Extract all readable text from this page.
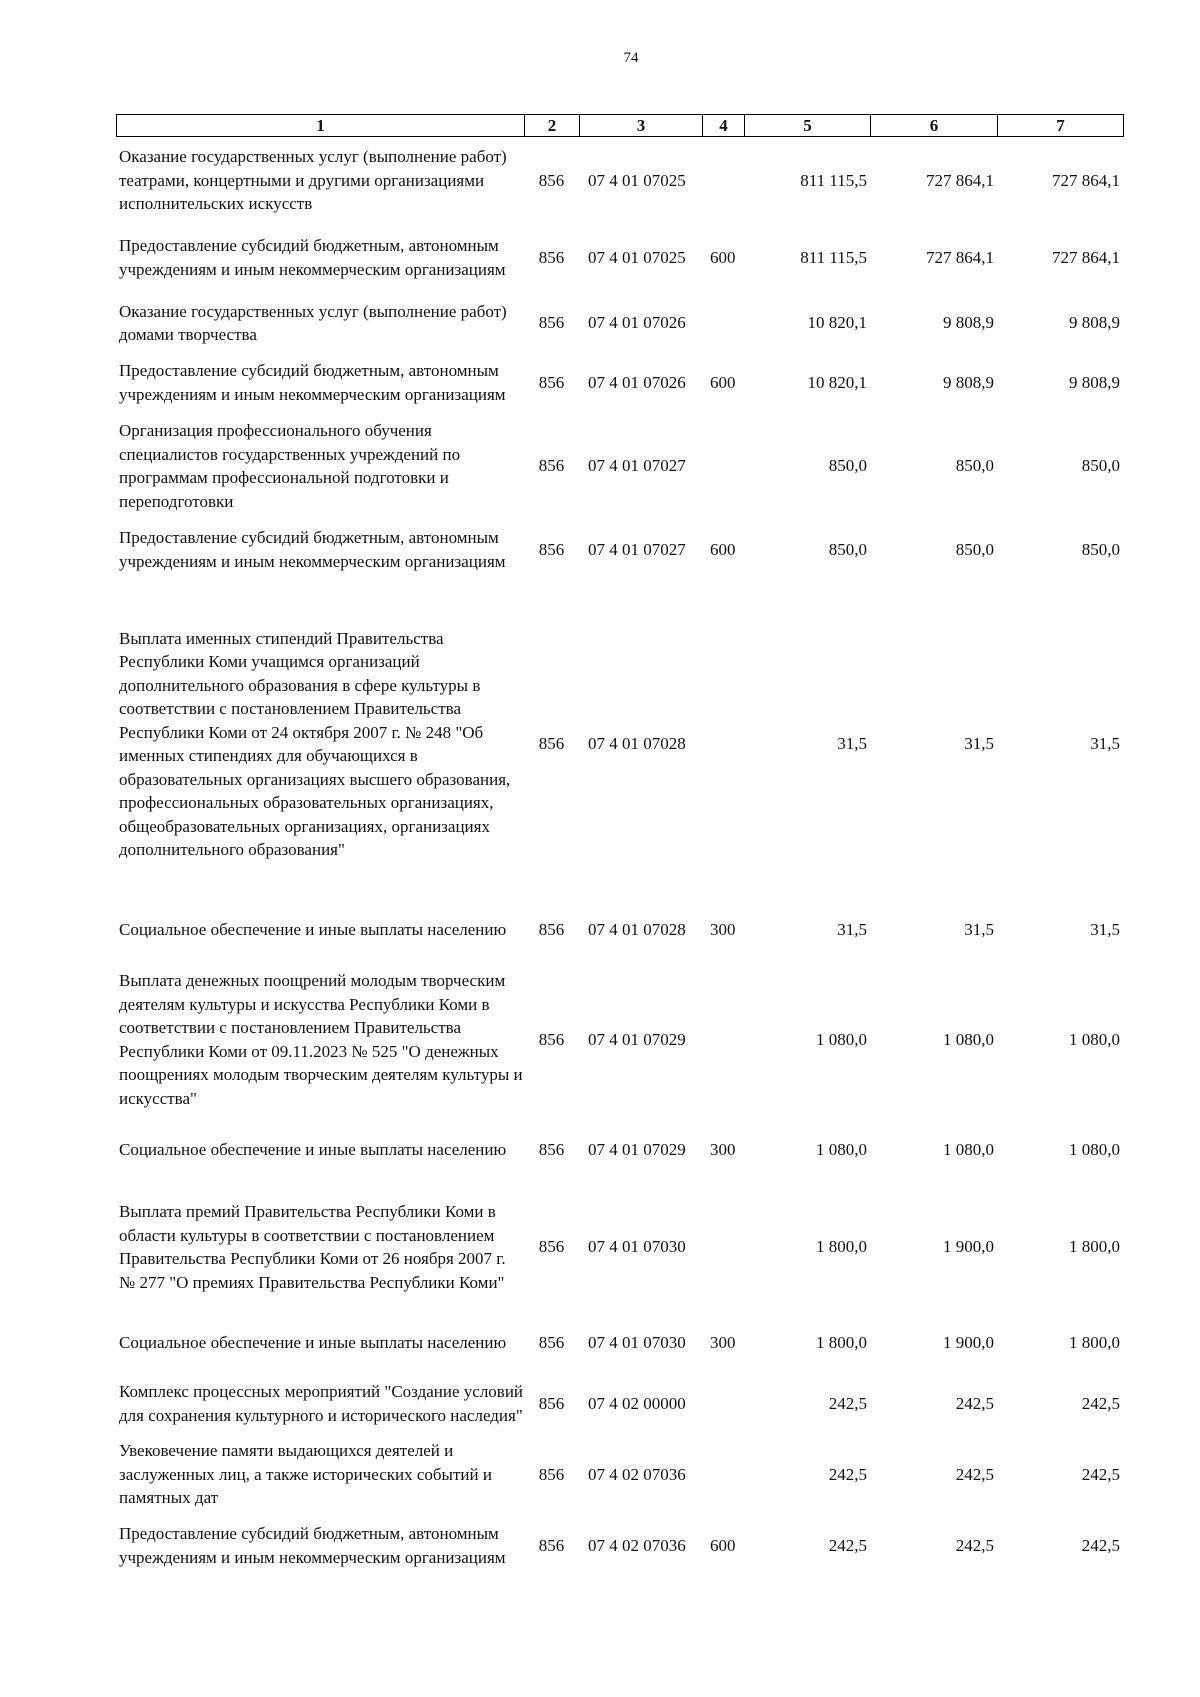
74
1	2	3	4	5	6	7
Оказание государственных услуг (выполнение работ) театрами, концертными и другими организациями исполнительских искусств	856	07 4 01 07025		811 115,5	727 864,1	727 864,1
Предоставление субсидий бюджетным, автономным учреждениям и иным некоммерческим организациям	856	07 4 01 07025	600	811 115,5	727 864,1	727 864,1
Оказание государственных услуг (выполнение работ) домами творчества	856	07 4 01 07026		10 820,1	9 808,9	9 808,9
Предоставление субсидий бюджетным, автономным учреждениям и иным некоммерческим организациям	856	07 4 01 07026	600	10 820,1	9 808,9	9 808,9
Организация профессионального обучения специалистов государственных учреждений по программам профессиональной подготовки и переподготовки	856	07 4 01 07027		850,0	850,0	850,0
Предоставление субсидий бюджетным, автономным учреждениям и иным некоммерческим организациям	856	07 4 01 07027	600	850,0	850,0	850,0
Выплата именных стипендий Правительства Республики Коми учащимся организаций дополнительного образования в сфере культуры в соответствии с постановлением Правительства Республики Коми от 24 октября 2007 г. № 248 "Об именных стипендиях для обучающихся в образовательных организациях высшего образования, профессиональных образовательных организациях, общеобразовательных организациях, организациях дополнительного образования"	856	07 4 01 07028		31,5	31,5	31,5
Социальное обеспечение и иные выплаты населению	856	07 4 01 07028	300	31,5	31,5	31,5
Выплата денежных поощрений молодым творческим деятелям культуры и искусства Республики Коми в соответствии с постановлением Правительства Республики Коми от 09.11.2023 № 525 "О денежных поощрениях молодым творческим деятелям культуры и искусства"	856	07 4 01 07029		1 080,0	1 080,0	1 080,0
Социальное обеспечение и иные выплаты населению	856	07 4 01 07029	300	1 080,0	1 080,0	1 080,0
Выплата премий Правительства Республики Коми в области культуры в соответствии с постановлением Правительства Республики Коми от 26 ноября 2007 г. № 277 "О премиях Правительства Республики Коми"	856	07 4 01 07030		1 800,0	1 900,0	1 800,0
Социальное обеспечение и иные выплаты населению	856	07 4 01 07030	300	1 800,0	1 900,0	1 800,0
Комплекс процессных мероприятий "Создание условий для сохранения культурного и исторического наследия"	856	07 4 02 00000		242,5	242,5	242,5
Увековечение памяти выдающихся деятелей и заслуженных лиц, а также исторических событий и памятных дат	856	07 4 02 07036		242,5	242,5	242,5
Предоставление субсидий бюджетным, автономным учреждениям и иным некоммерческим организациям	856	07 4 02 07036	600	242,5	242,5	242,5
